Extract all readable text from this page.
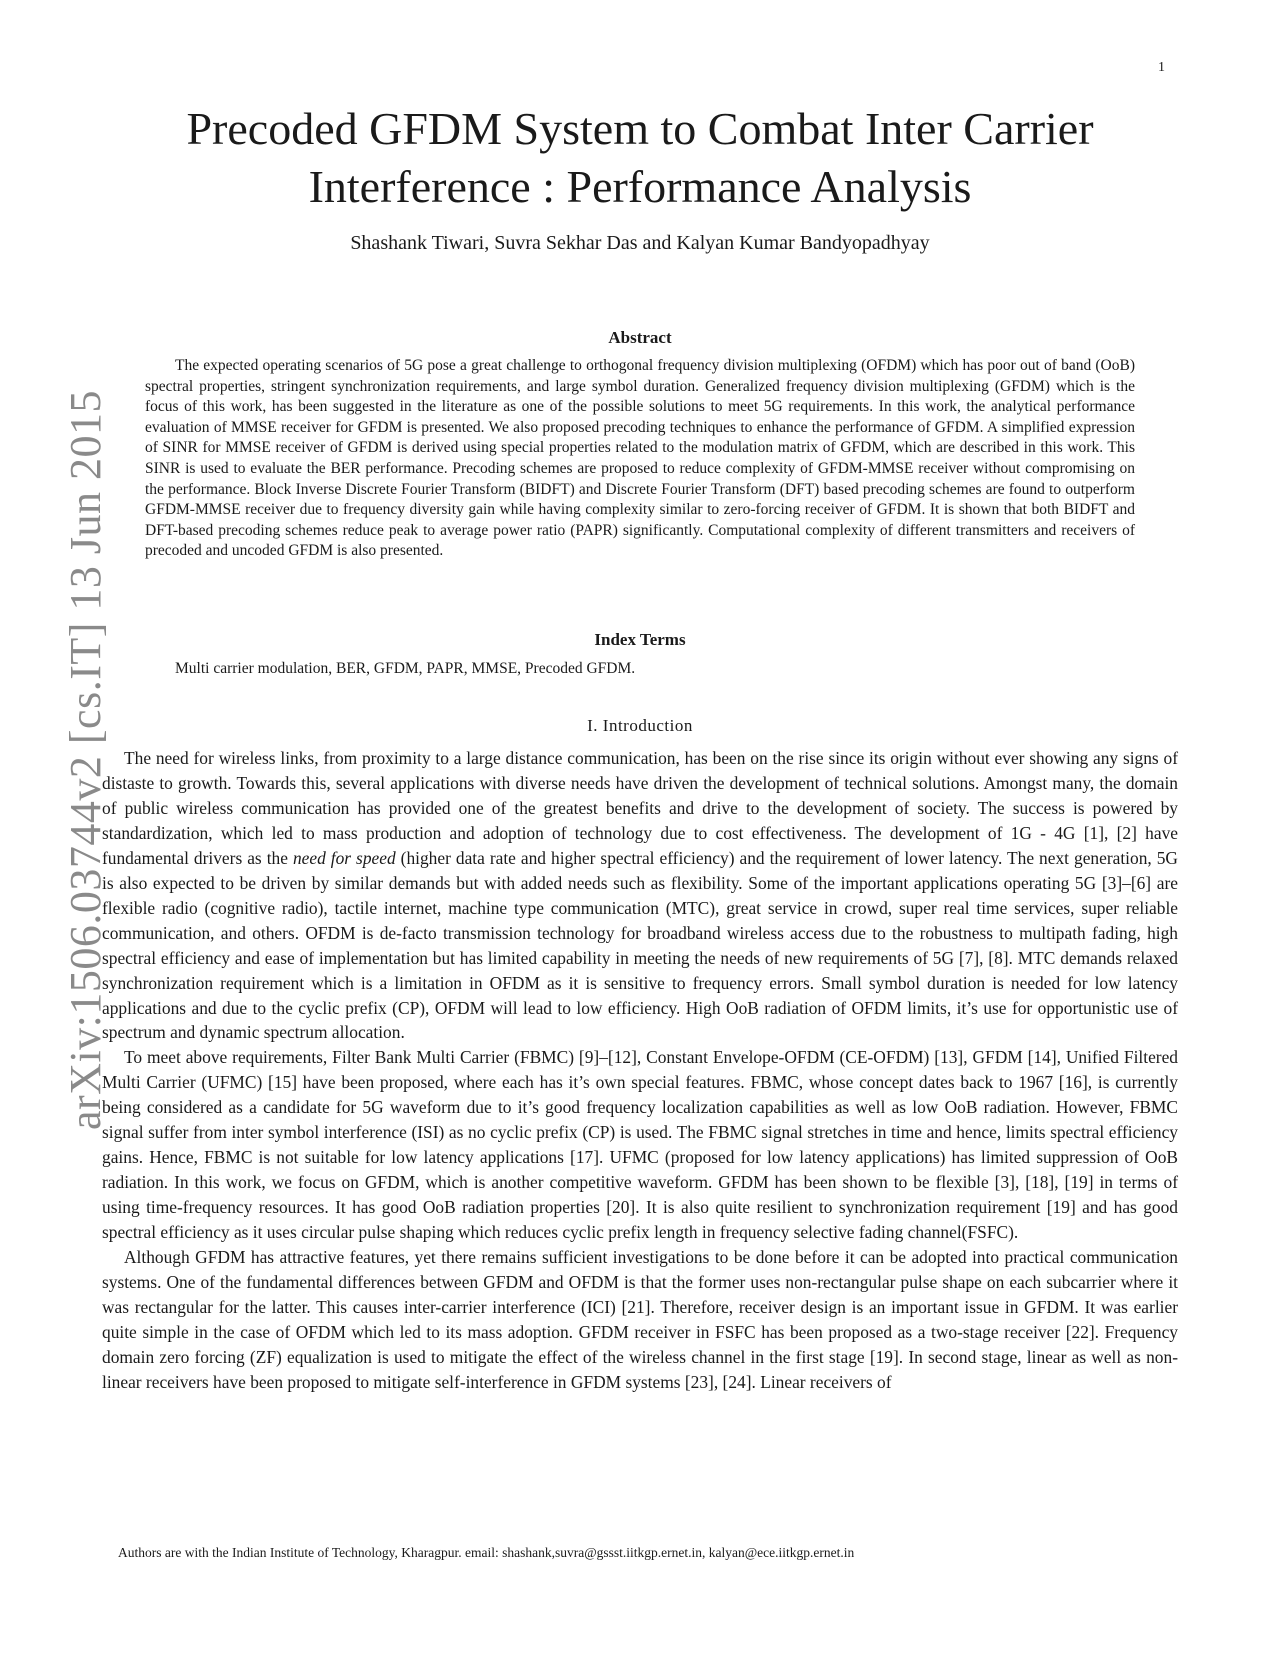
1
arXiv:1506.03744v2 [cs.IT] 13 Jun 2015
Precoded GFDM System to Combat Inter Carrier
Interference : Performance Analysis
Shashank Tiwari, Suvra Sekhar Das and Kalyan Kumar Bandyopadhyay
Abstract

The expected operating scenarios of 5G pose a great challenge to orthogonal frequency division multiplexing (OFDM) which has poor out of band (OoB) spectral properties, stringent synchronization requirements, and large symbol duration. Generalized frequency division multiplexing (GFDM) which is the focus of this work, has been suggested in the literature as one of the possible solutions to meet 5G requirements. In this work, the analytical performance evaluation of MMSE receiver for GFDM is presented. We also proposed precoding techniques to enhance the performance of GFDM. A simplified expression of SINR for MMSE receiver of GFDM is derived using special properties related to the modulation matrix of GFDM, which are described in this work. This SINR is used to evaluate the BER performance. Precoding schemes are proposed to reduce complexity of GFDM-MMSE receiver without compromising on the performance. Block Inverse Discrete Fourier Transform (BIDFT) and Discrete Fourier Transform (DFT) based precoding schemes are found to outperform GFDM-MMSE receiver due to frequency diversity gain while having complexity similar to zero-forcing receiver of GFDM. It is shown that both BIDFT and DFT-based precoding schemes reduce peak to average power ratio (PAPR) significantly. Computational complexity of different transmitters and receivers of precoded and uncoded GFDM is also presented.

Index Terms
Multi carrier modulation, BER, GFDM, PAPR, MMSE, Precoded GFDM.
I. Introduction

The need for wireless links, from proximity to a large distance communication, has been on the rise since its origin without ever showing any signs of distaste to growth. Towards this, several applications with diverse needs have driven the development of technical solutions. Amongst many, the domain of public wireless communication has provided one of the greatest benefits and drive to the development of society. The success is powered by standardization, which led to mass production and adoption of technology due to cost effectiveness. The development of 1G - 4G [1], [2] have fundamental drivers as the need for speed (higher data rate and higher spectral efficiency) and the requirement of lower latency. The next generation, 5G is also expected to be driven by similar demands but with added needs such as flexibility. Some of the important applications operating 5G [3]–[6] are flexible radio (cognitive radio), tactile internet, machine type communication (MTC), great service in crowd, super real time services, super reliable communication, and others. OFDM is de-facto transmission technology for broadband wireless access due to the robustness to multipath fading, high spectral efficiency and ease of implementation but has limited capability in meeting the needs of new requirements of 5G [7], [8]. MTC demands relaxed synchronization requirement which is a limitation in OFDM as it is sensitive to frequency errors. Small symbol duration is needed for low latency applications and due to the cyclic prefix (CP), OFDM will lead to low efficiency. High OoB radiation of OFDM limits, it’s use for opportunistic use of spectrum and dynamic spectrum allocation.

To meet above requirements, Filter Bank Multi Carrier (FBMC) [9]–[12], Constant Envelope-OFDM (CE-OFDM) [13], GFDM [14], Unified Filtered Multi Carrier (UFMC) [15] have been proposed, where each has it’s own special features. FBMC, whose concept dates back to 1967 [16], is currently being considered as a candidate for 5G waveform due to it’s good frequency localization capabilities as well as low OoB radiation. However, FBMC signal suffer from inter symbol interference (ISI) as no cyclic prefix (CP) is used. The FBMC signal stretches in time and hence, limits spectral efficiency gains. Hence, FBMC is not suitable for low latency applications [17]. UFMC (proposed for low latency applications) has limited suppression of OoB radiation. In this work, we focus on GFDM, which is another competitive waveform. GFDM has been shown to be flexible [3], [18], [19] in terms of using time-frequency resources. It has good OoB radiation properties [20]. It is also quite resilient to synchronization requirement [19] and has good spectral efficiency as it uses circular pulse shaping which reduces cyclic prefix length in frequency selective fading channel(FSFC).

Although GFDM has attractive features, yet there remains sufficient investigations to be done before it can be adopted into practical communication systems. One of the fundamental differences between GFDM and OFDM is that the former uses non-rectangular pulse shape on each subcarrier where it was rectangular for the latter. This causes inter-carrier interference (ICI) [21]. Therefore, receiver design is an important issue in GFDM. It was earlier quite simple in the case of OFDM which led to its mass adoption. GFDM receiver in FSFC has been proposed as a two-stage receiver [22]. Frequency domain zero forcing (ZF) equalization is used to mitigate the effect of the wireless channel in the first stage [19]. In second stage, linear as well as non-linear receivers have been proposed to mitigate self-interference in GFDM systems [23], [24]. Linear receivers of

Authors are with the Indian Institute of Technology, Kharagpur. email: shashank,suvra@gssst.iitkgp.ernet.in, kalyan@ece.iitkgp.ernet.in
